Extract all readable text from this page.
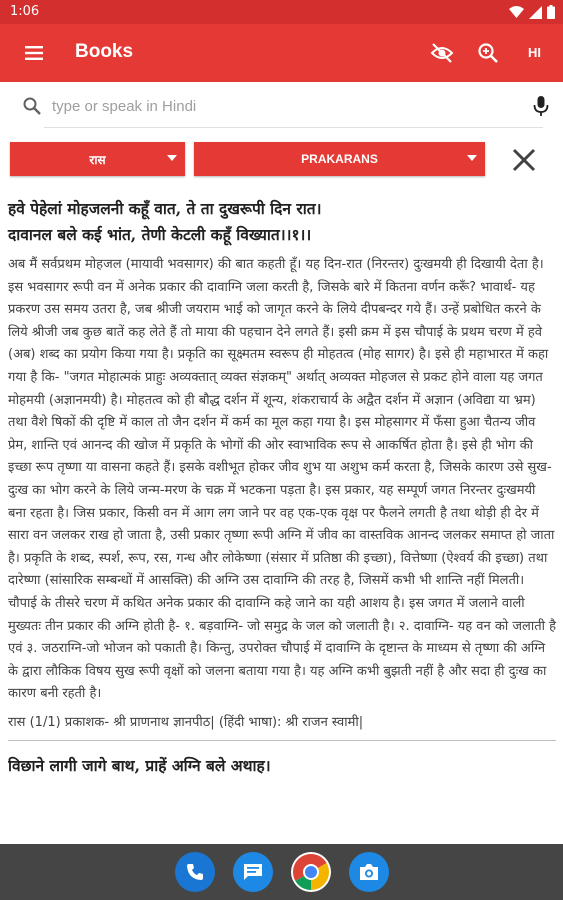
1:06
Books	HI
type or speak in Hindi
रास	PRAKARANS
हवे पेहेलां मोहजलनी कहूँ वात, ते ता दुखरूपी दिन रात।
दावानल बले कई भांत, तेणी केटली कहूँ विख्यात।।१।।

अब मैं सर्वप्रथम मोहजल (मायावी भवसागर) की बात कहती हूँ। यह दिन-रात (निरन्तर) दुःखमयी ही दिखायी देता है। इस भवसागर रूपी वन में अनेक प्रकार की दावाग्नि जला करती है, जिसके बारे में कितना वर्णन करूँ? भावार्थ- यह प्रकरण उस समय उतरा है, जब श्रीजी जयराम भाई को जागृत करने के लिये दीपबन्दर गये हैं। उन्हें प्रबोधित करने के लिये श्रीजी जब कुछ बातें कह लेते हैं तो माया की पहचान देने लगते हैं। इसी क्रम में इस चौपाई के प्रथम चरण में हवे (अब) शब्द का प्रयोग किया गया है। प्रकृति का सूक्ष्मतम स्वरूप ही मोहतत्व (मोह सागर) है। इसे ही महाभारत में कहा गया है कि- "जगत मोहात्मकं प्राहुः अव्यक्तात् व्यक्त संज्ञकम्" अर्थात् अव्यक्त मोहजल से प्रकट होने वाला यह जगत मोहमयी (अज्ञानमयी) है। मोहतत्व को ही बौद्ध दर्शन में शून्य, शंकराचार्य के अद्वैत दर्शन में अज्ञान (अविद्या या भ्रम) तथा वैशे षिकों की दृष्टि में काल तो जैन दर्शन में कर्म का मूल कहा गया है। इस मोहसागर में फँसा हुआ चैतन्य जीव प्रेम, शान्ति एवं आनन्द की खोज में प्रकृति के भोगों की ओर स्वाभाविक रूप से आकर्षित होता है। इसे ही भोग की इच्छा रूप तृष्णा या वासना कहते हैं। इसके वशीभूत होकर जीव शुभ या अशुभ कर्म करता है, जिसके कारण उसे सुख-दुःख का भोग करने के लिये जन्म-मरण के चक्र में भटकना पड़ता है। इस प्रकार, यह सम्पूर्ण जगत निरन्तर दुःखमयी बना रहता है। जिस प्रकार, किसी वन में आग लग जाने पर वह एक-एक वृक्ष पर फैलने लगती है तथा थोड़ी ही देर में सारा वन जलकर राख हो जाता है, उसी प्रकार तृष्णा रूपी अग्नि में जीव का वास्तविक आनन्द जलकर समाप्त हो जाता है। प्रकृति के शब्द, स्पर्श, रूप, रस, गन्ध और लोकेष्णा (संसार में प्रतिष्ठा की इच्छा), वित्तेष्णा (ऐश्वर्य की इच्छा) तथा दारेष्णा (सांसारिक सम्बन्धों में आसक्ति) की अग्नि उस दावाग्नि की तरह है, जिसमें कभी भी शान्ति नहीं मिलती। चौपाई के तीसरे चरण में कथित अनेक प्रकार की दावाग्नि कहे जाने का यही आशय है। इस जगत में जलाने वाली मुख्यतः तीन प्रकार की अग्नि होती है- १. बड़वाग्नि- जो समुद्र के जल को जलाती है। २. दावाग्नि- यह वन को जलाती है एवं ३. जठराग्नि-जो भोजन को पकाती है। किन्तु, उपरोक्त चौपाई में दावाग्नि के दृष्टान्त के माध्यम से तृष्णा की अग्नि के द्वारा लौकिक विषय सुख रूपी वृक्षों को जलना बताया गया है। यह अग्नि कभी बुझती नहीं है और सदा ही दुःख का कारण बनी रहती है।

रास (1/1) प्रकाशक- श्री प्राणनाथ ज्ञानपीठ| (हिंदी भाषा): श्री राजन स्वामी|

विछाने लागी जागे बाथ, प्राहें अग्नि बले अथाह।
